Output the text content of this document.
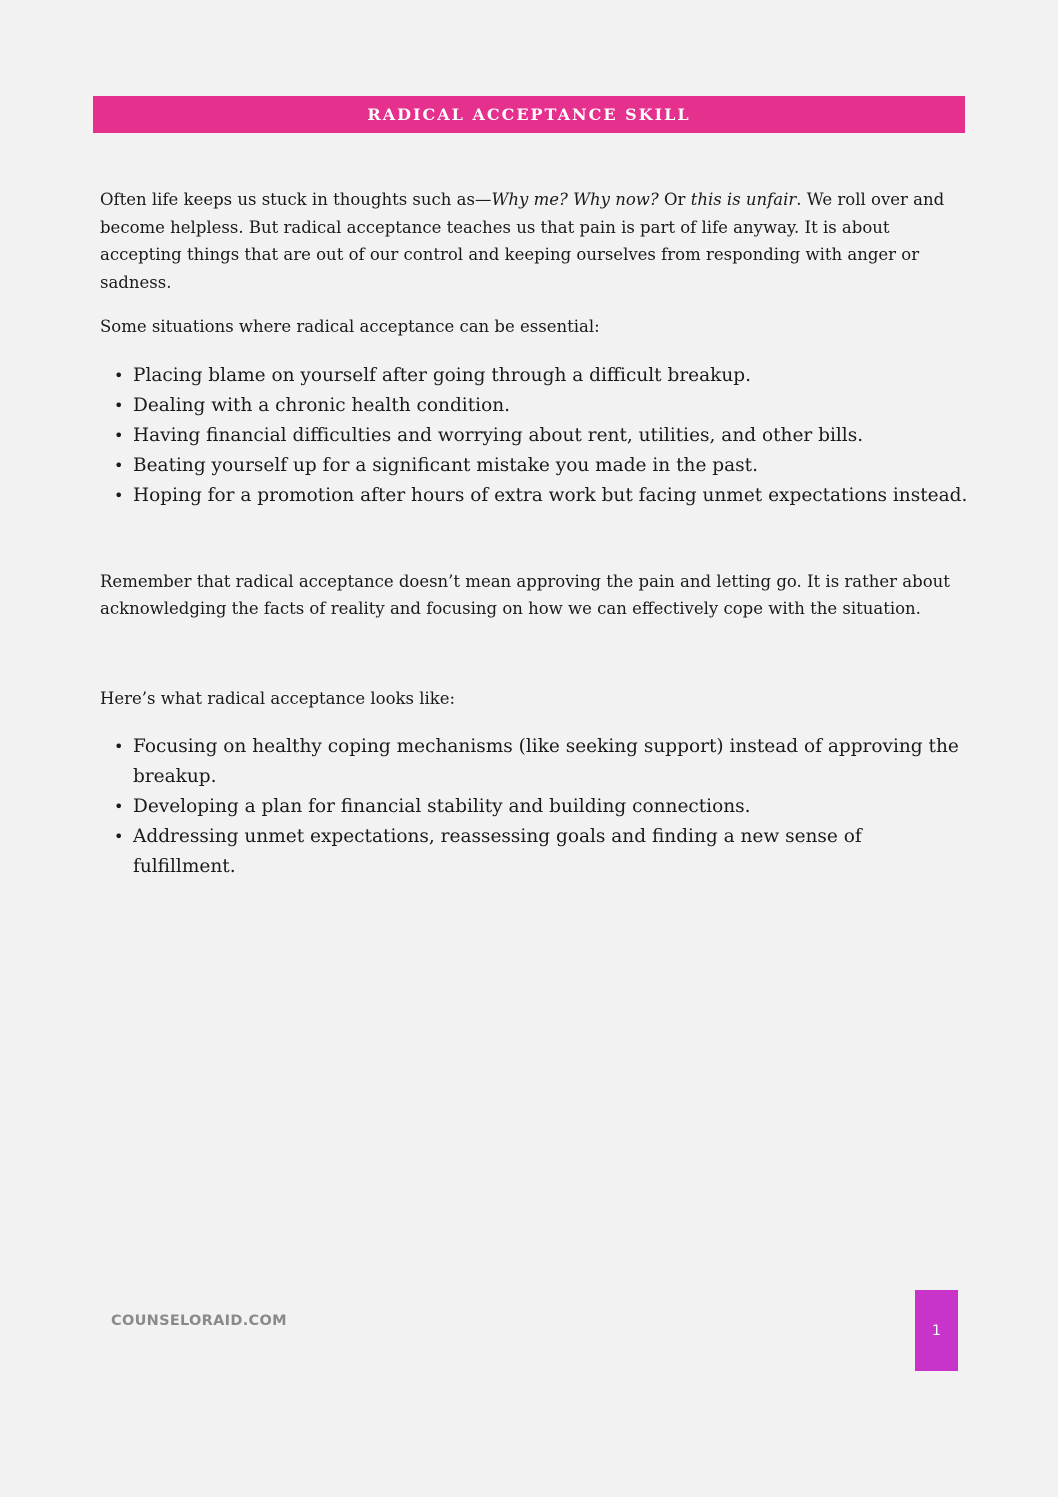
RADICAL ACCEPTANCE SKILL

Often life keeps us stuck in thoughts such as—Why me? Why now? Or this is unfair. We roll over and become helpless. But radical acceptance teaches us that pain is part of life anyway. It is about accepting things that are out of our control and keeping ourselves from responding with anger or sadness.

Some situations where radical acceptance can be essential:

• Placing blame on yourself after going through a difficult breakup.
• Dealing with a chronic health condition.
• Having financial difficulties and worrying about rent, utilities, and other bills.
• Beating yourself up for a significant mistake you made in the past.
• Hoping for a promotion after hours of extra work but facing unmet expectations instead.

Remember that radical acceptance doesn’t mean approving the pain and letting go. It is rather about acknowledging the facts of reality and focusing on how we can effectively cope with the situation.

Here’s what radical acceptance looks like:

• Focusing on healthy coping mechanisms (like seeking support) instead of approving the breakup.
• Developing a plan for financial stability and building connections.
• Addressing unmet expectations, reassessing goals and finding a new sense of fulfillment.
COUNSELORAID.COM
1
